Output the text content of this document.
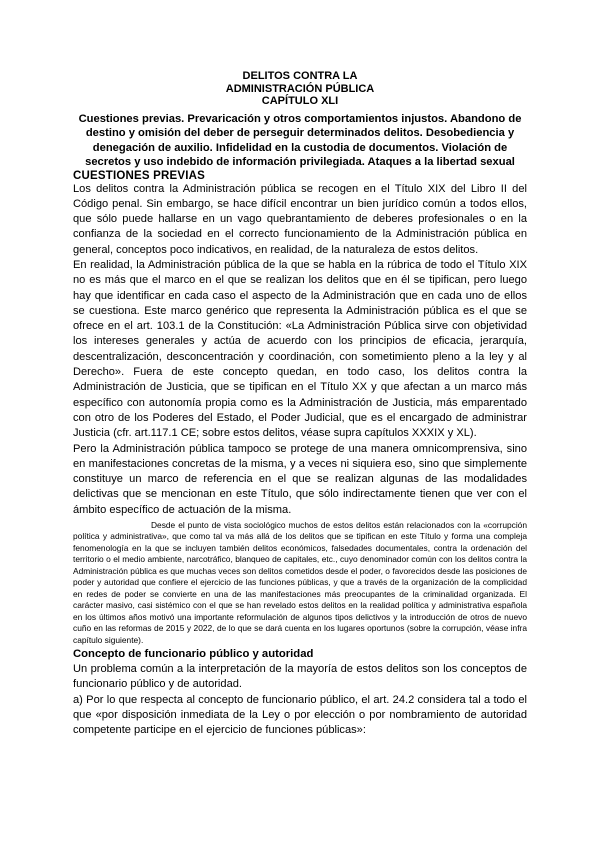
DELITOS CONTRA LA
ADMINISTRACIÓN PÚBLICA
CAPÍTULO XLI
Cuestiones previas. Prevaricación y otros comportamientos injustos. Abandono de destino y omisión del deber de perseguir determinados delitos. Desobediencia y denegación de auxilio. Infidelidad en la custodia de documentos. Violación de secretos y uso indebido de información privilegiada. Ataques a la libertad sexual
CUESTIONES PREVIAS

Los delitos contra la Administración pública se recogen en el Título XIX del Libro II del Código penal. Sin embargo, se hace difícil encontrar un bien jurídico común a todos ellos, que sólo puede hallarse en un vago quebrantamiento de deberes profesionales o en la confianza de la sociedad en el correcto funcionamiento de la Administración pública en general, conceptos poco indicativos, en realidad, de la naturaleza de estos delitos.

En realidad, la Administración pública de la que se habla en la rúbrica de todo el Título XIX no es más que el marco en el que se realizan los delitos que en él se tipifican, pero luego hay que identificar en cada caso el aspecto de la Administración que en cada uno de ellos se cuestiona. Este marco genérico que representa la Administración pública es el que se ofrece en el art. 103.1 de la Constitución: «La Administración Pública sirve con objetividad los intereses generales y actúa de acuerdo con los principios de eficacia, jerarquía, descentralización, desconcentración y coordinación, con sometimiento pleno a la ley y al Derecho». Fuera de este concepto quedan, en todo caso, los delitos contra la Administración de Justicia, que se tipifican en el Título XX y que afectan a un marco más específico con autonomía propia como es la Administración de Justicia, más emparentado con otro de los Poderes del Estado, el Poder Judicial, que es el encargado de administrar Justicia (cfr. art.117.1 CE; sobre estos delitos, véase supra capítulos XXXIX y XL).

Pero la Administración pública tampoco se protege de una manera omnicomprensiva, sino en manifestaciones concretas de la misma, y a veces ni siquiera eso, sino que simplemente constituye un marco de referencia en el que se realizan algunas de las modalidades delictivas que se mencionan en este Título, que sólo indirectamente tienen que ver con el ámbito específico de actuación de la misma.

Desde el punto de vista sociológico muchos de estos delitos están relacionados con la «corrupción política y administrativa», que como tal va más allá de los delitos que se tipifican en este Título y forma una compleja fenomenología en la que se incluyen también delitos económicos, falsedades documentales, contra la ordenación del territorio o el medio ambiente, narcotráfico, blanqueo de capitales, etc., cuyo denominador común con los delitos contra la Administración pública es que muchas veces son delitos cometidos desde el poder, o favorecidos desde las posiciones de poder y autoridad que confiere el ejercicio de las funciones públicas, y que a través de la organización de la complicidad en redes de poder se convierte en una de las manifestaciones más preocupantes de la criminalidad organizada. El carácter masivo, casi sistémico con el que se han revelado estos delitos en la realidad política y administrativa española en los últimos años motivó una importante reformulación de algunos tipos delictivos y la introducción de otros de nuevo cuño en las reformas de 2015 y 2022, de lo que se dará cuenta en los lugares oportunos (sobre la corrupción, véase infra capítulo siguiente).
Concepto de funcionario público y autoridad

Un problema común a la interpretación de la mayoría de estos delitos son los conceptos de funcionario público y de autoridad.

a) Por lo que respecta al concepto de funcionario público, el art. 24.2 considera tal a todo el que «por disposición inmediata de la Ley o por elección o por nombramiento de autoridad competente participe en el ejercicio de funciones públicas»:
